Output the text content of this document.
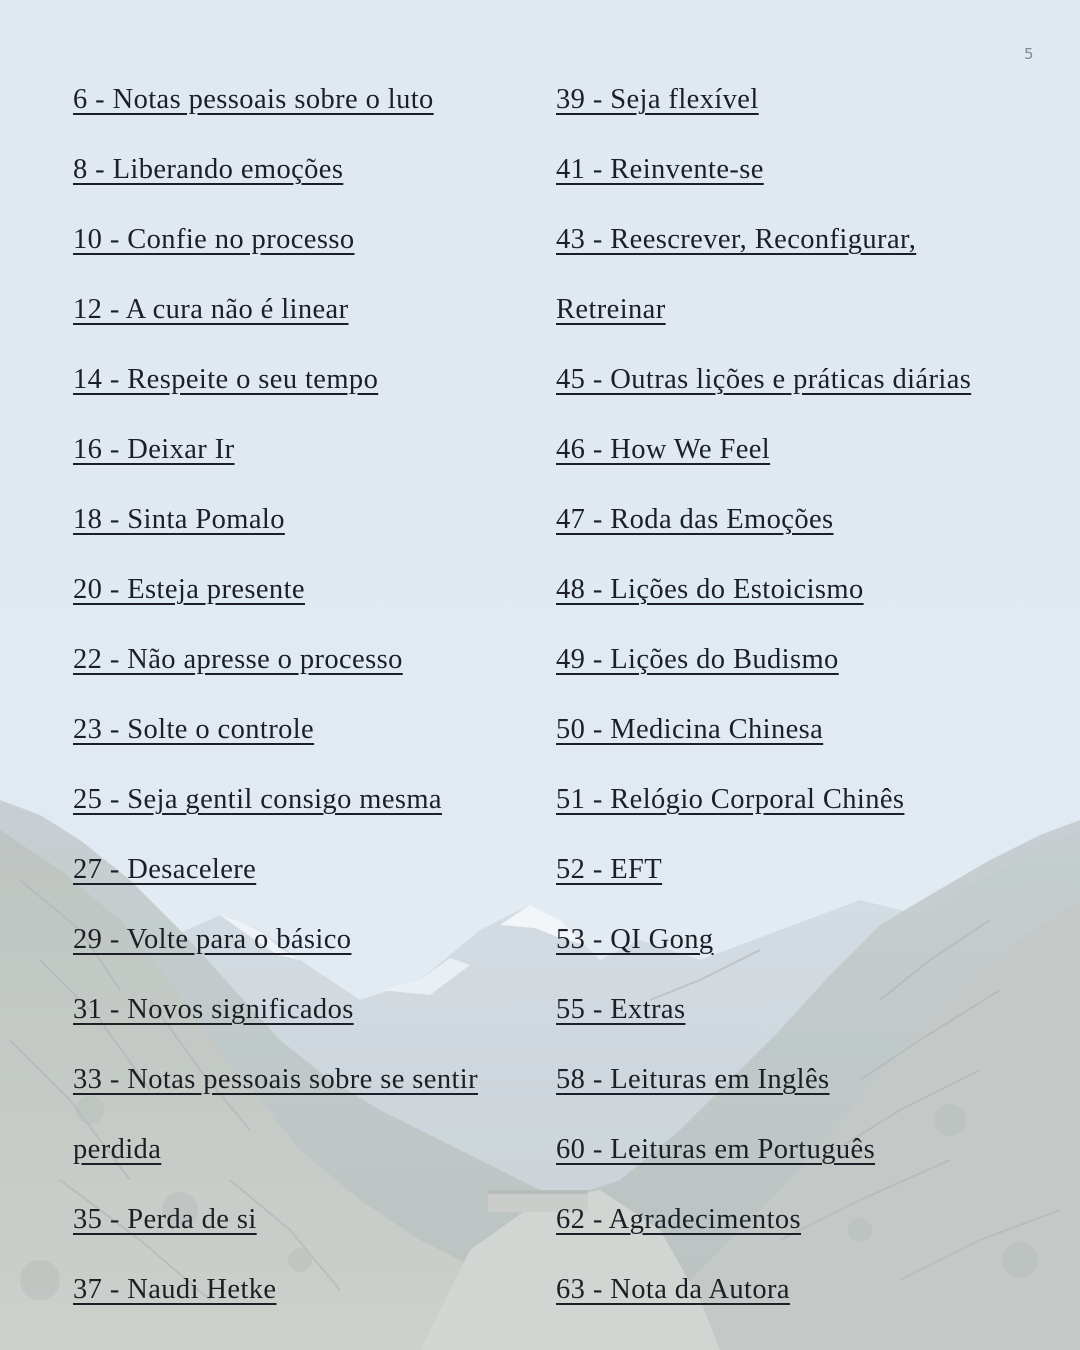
5
6 - Notas pessoais sobre o luto
8 - Liberando emoções
10 - Confie no processo
12 - A cura não é linear
14 - Respeite o seu tempo
16 - Deixar Ir
18 - Sinta Pomalo
20 - Esteja presente
22 - Não apresse o processo
23 - Solte o controle
25 - Seja gentil consigo mesma
27 - Desacelere
29 - Volte para o básico
31 - Novos significados
33 - Notas pessoais sobre se sentir
perdida
35 - Perda de si
37 - Naudi Hetke
39 - Seja flexível
41 - Reinvente-se
43 - Reescrever, Reconfigurar,
Retreinar
45 - Outras lições e práticas diárias
46 - How We Feel
47 - Roda das Emoções
48 - Lições do Estoicismo
49 - Lições do Budismo
50 - Medicina Chinesa
51 - Relógio Corporal Chinês
52 - EFT
53 - QI Gong
55 - Extras
58 - Leituras em Inglês
60 - Leituras em Português
62 - Agradecimentos
63 - Nota da Autora
